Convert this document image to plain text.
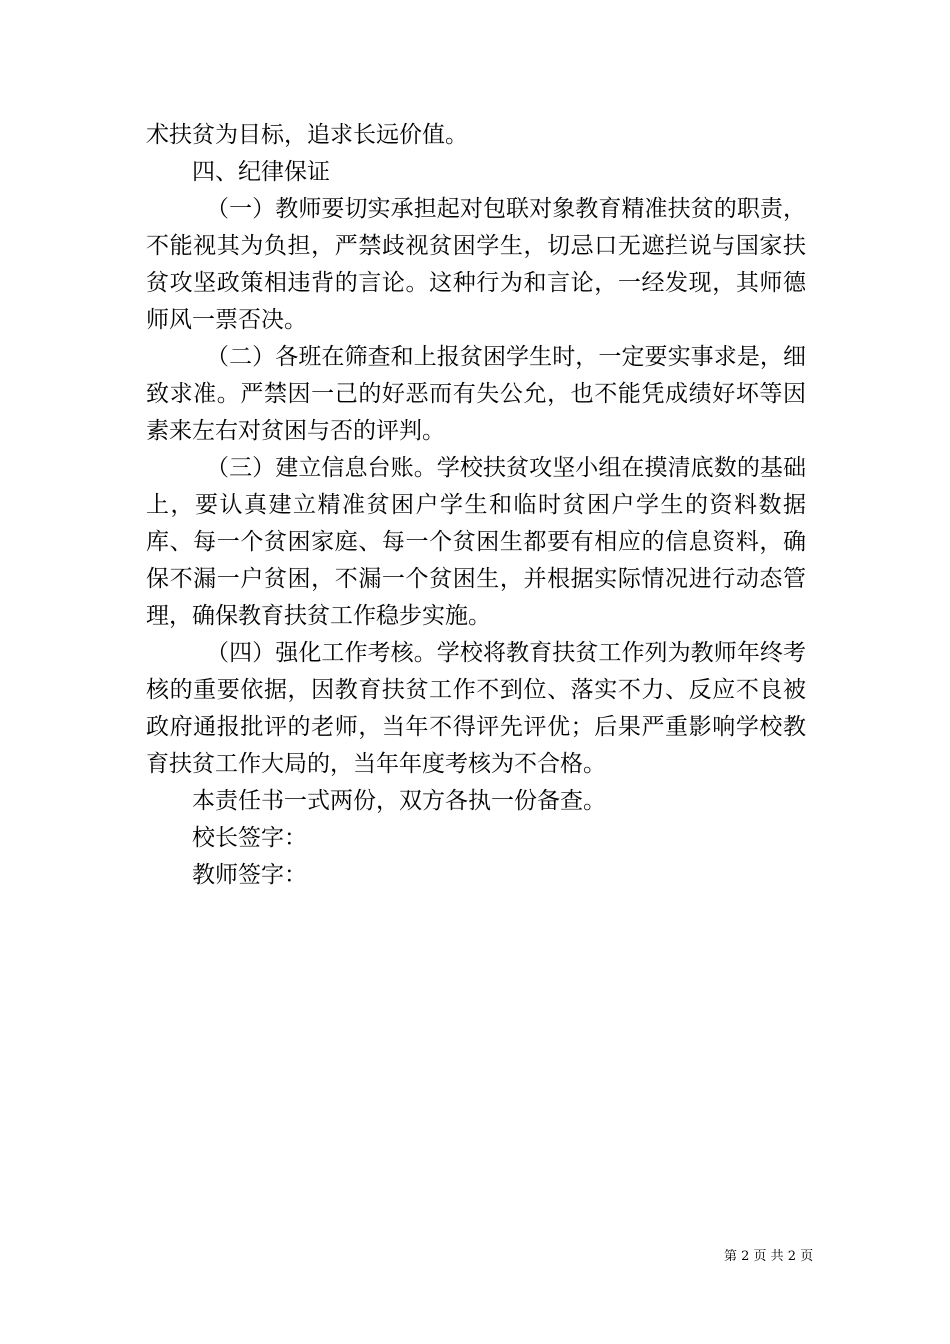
术扶贫为目标，追求长远价值。

四、纪律保证

（一）教师要切实承担起对包联对象教育精准扶贫的职责，不能视其为负担，严禁歧视贫困学生，切忌口无遮拦说与国家扶贫攻坚政策相违背的言论。这种行为和言论，一经发现，其师德师风一票否决。

（二）各班在筛查和上报贫困学生时，一定要实事求是，细致求准。严禁因一己的好恶而有失公允，也不能凭成绩好坏等因素来左右对贫困与否的评判。

（三）建立信息台账。学校扶贫攻坚小组在摸清底数的基础上，要认真建立精准贫困户学生和临时贫困户学生的资料数据库、每一个贫困家庭、每一个贫困生都要有相应的信息资料，确保不漏一户贫困，不漏一个贫困生，并根据实际情况进行动态管理，确保教育扶贫工作稳步实施。

（四）强化工作考核。学校将教育扶贫工作列为教师年终考核的重要依据，因教育扶贫工作不到位、落实不力、反应不良被政府通报批评的老师，当年不得评先评优；后果严重影响学校教育扶贫工作大局的，当年年度考核为不合格。

本责任书一式两份，双方各执一份备查。

校长签字：

教师签字：

第 2 页 共 2 页
